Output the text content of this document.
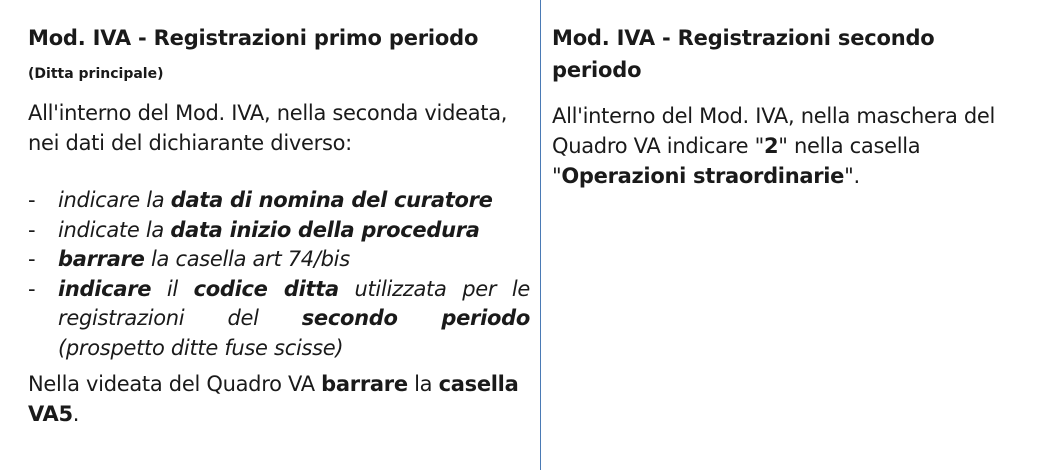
Mod. IVA - Registrazioni primo periodo
(Ditta principale)

All'interno del Mod. IVA, nella seconda videata, nei dati del dichiarante diverso:

- indicare la data di nomina del curatore
- indicate la data inizio della procedura
- barrare la casella art 74/bis
- indicare il codice ditta utilizzata per le registrazioni del secondo periodo (prospetto ditte fuse scisse)

Nella videata del Quadro VA barrare la casella VA5.

Mod. IVA - Registrazioni secondo periodo

All'interno del Mod. IVA, nella maschera del Quadro VA indicare "2" nella casella "Operazioni straordinarie".
